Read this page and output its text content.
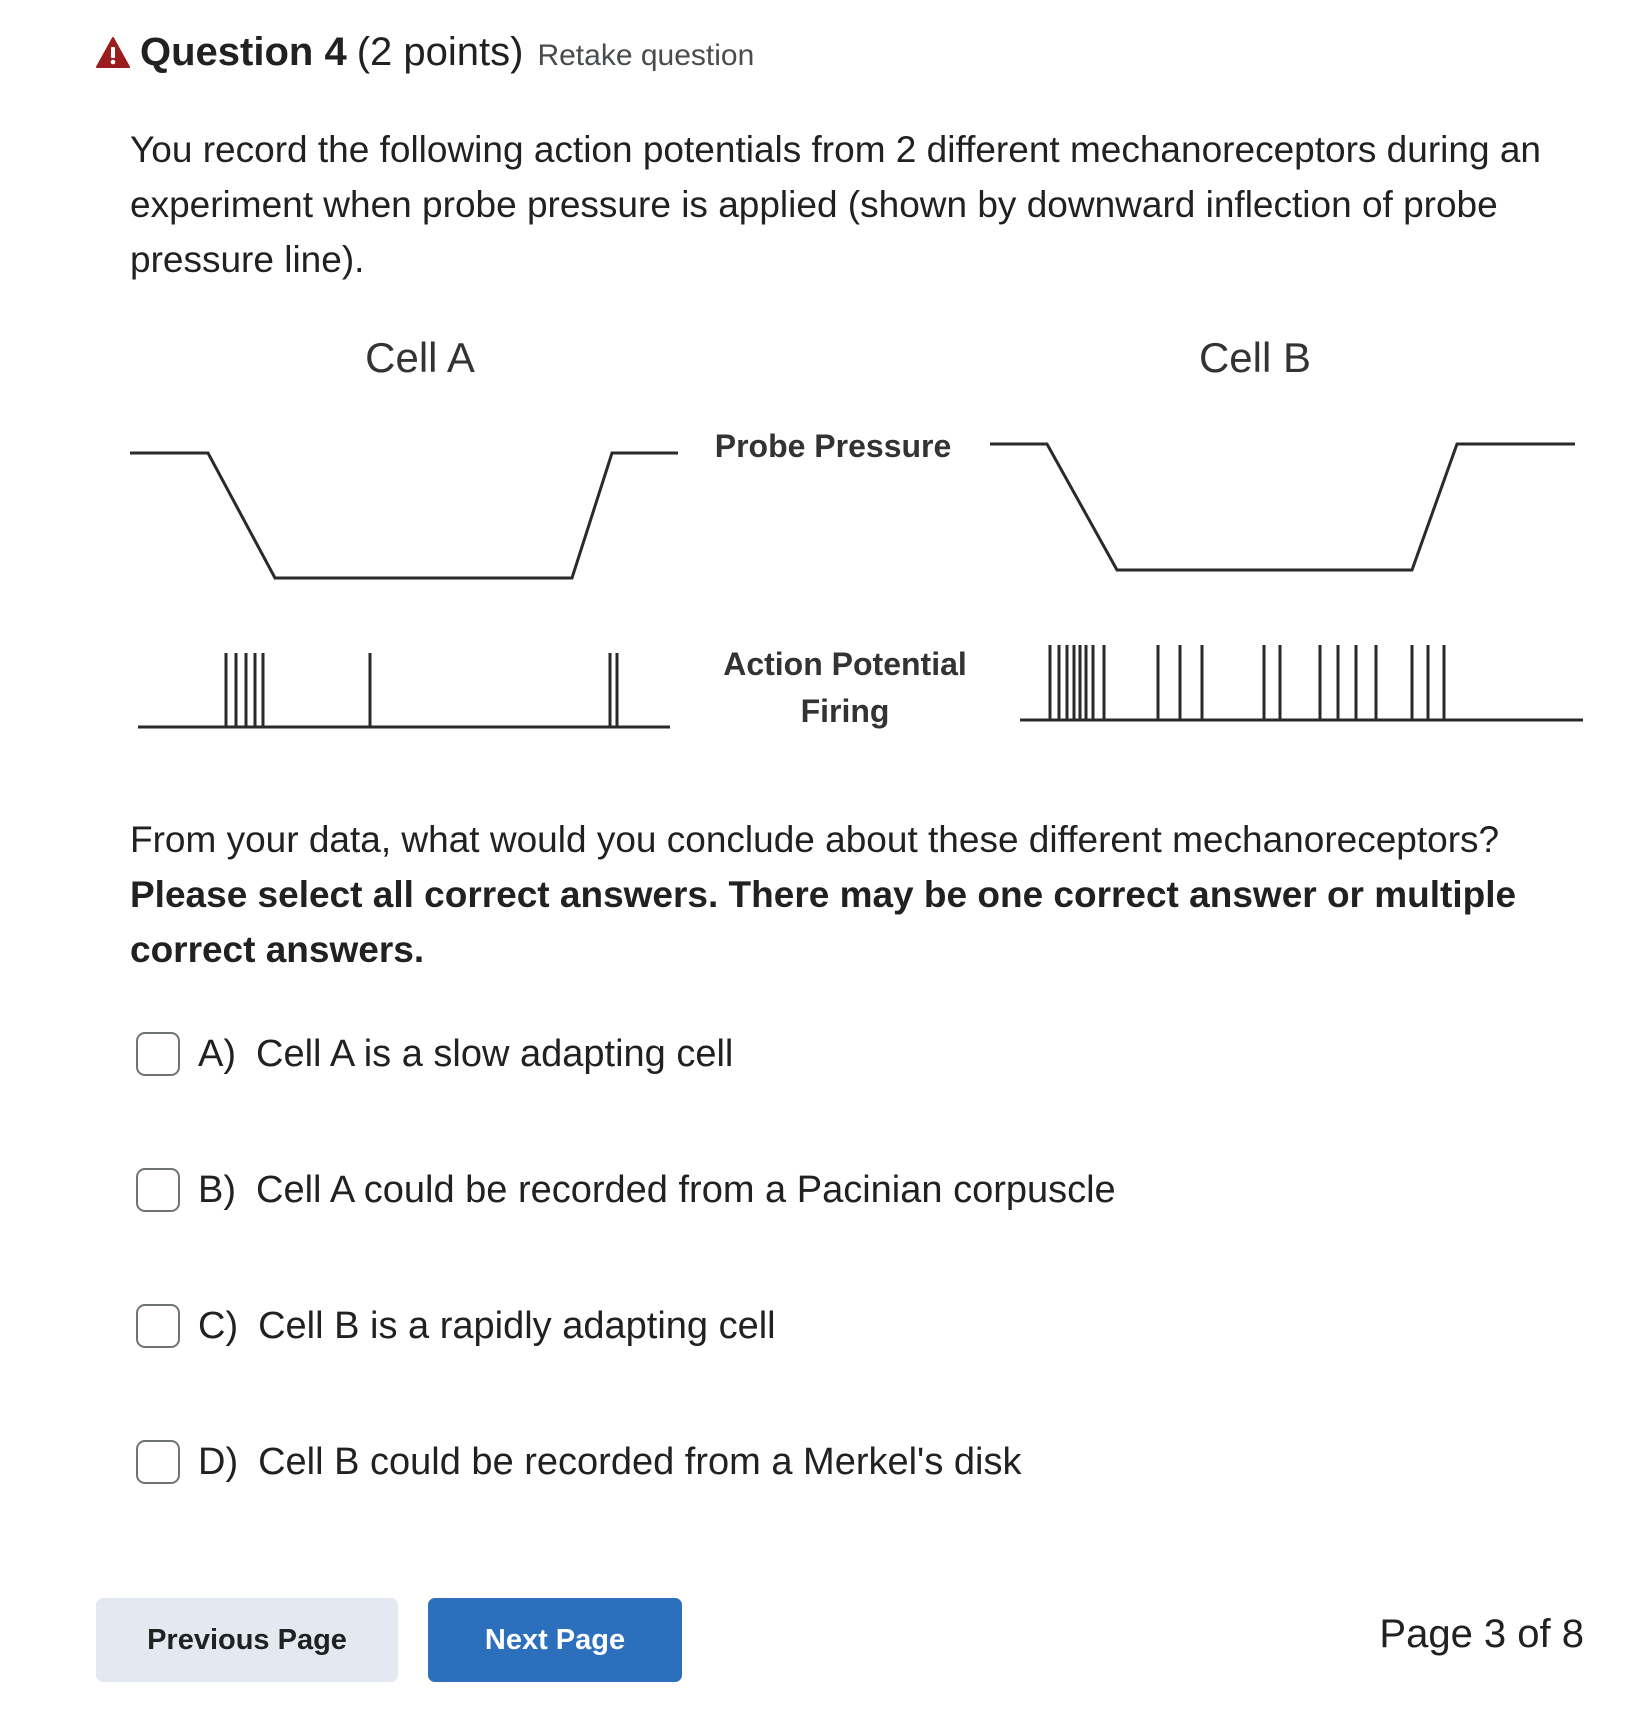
Question 4 (2 points) Retake question
You record the following action potentials from 2 different mechanoreceptors during an experiment when probe pressure is applied (shown by downward inflection of probe pressure line).
Cell A	Cell B
Probe Pressure
Action Potential
Firing
From your data, what would you conclude about these different mechanoreceptors?
Please select all correct answers. There may be one correct answer or multiple correct answers.
A) Cell A is a slow adapting cell
B) Cell A could be recorded from a Pacinian corpuscle
C) Cell B is a rapidly adapting cell
D) Cell B could be recorded from a Merkel's disk
Previous Page	Next Page	Page 3 of 8
